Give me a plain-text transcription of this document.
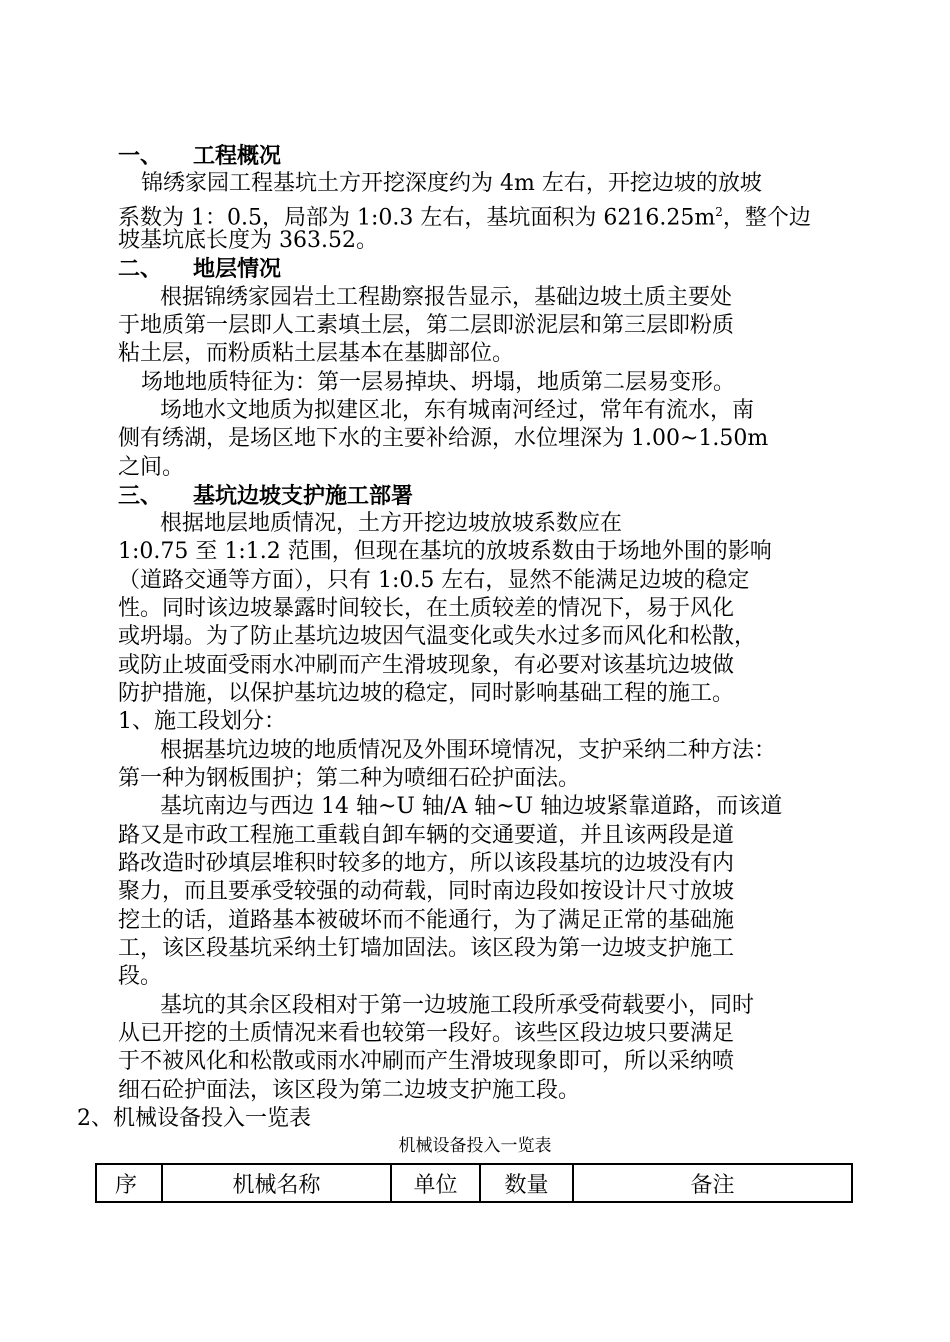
一、 工程概况
锦绣家园工程基坑土方开挖深度约为 4m 左右，开挖边坡的放坡
系数为 1：0.5，局部为 1:0.3 左右，基坑面积为 $6216.25m^2$，整个边
坡基坑底长度为 363.52。
二、 地层情况
根据锦绣家园岩土工程勘察报告显示，基础边坡土质主要处
于地质第一层即人工素填土层，第二层即淤泥层和第三层即粉质
粘土层，而粉质粘土层基本在基脚部位。
场地地质特征为：第一层易掉块、坍塌，地质第二层易变形。
场地水文地质为拟建区北，东有城南河经过，常年有流水，南
侧有绣湖，是场区地下水的主要补给源，水位埋深为 1.00~1.50m
之间。
三、 基坑边坡支护施工部署
根据地层地质情况，土方开挖边坡放坡系数应在
1:0.75 至 1:1.2 范围，但现在基坑的放坡系数由于场地外围的影响
（道路交通等方面），只有 1:0.5 左右，显然不能满足边坡的稳定
性。同时该边坡暴露时间较长，在土质较差的情况下，易于风化
或坍塌。为了防止基坑边坡因气温变化或失水过多而风化和松散，
或防止坡面受雨水冲刷而产生滑坡现象，有必要对该基坑边坡做
防护措施，以保护基坑边坡的稳定，同时影响基础工程的施工。
1、施工段划分：
根据基坑边坡的地质情况及外围环境情况，支护采纳二种方法：
第一种为钢板围护；第二种为喷细石砼护面法。
基坑南边与西边 14 轴~U 轴/A 轴~U 轴边坡紧靠道路，而该道
路又是市政工程施工重载自卸车辆的交通要道，并且该两段是道
路改造时砂填层堆积时较多的地方，所以该段基坑的边坡没有内
聚力，而且要承受较强的动荷载，同时南边段如按设计尺寸放坡
挖土的话，道路基本被破坏而不能通行，为了满足正常的基础施
工，该区段基坑采纳土钉墙加固法。该区段为第一边坡支护施工
段。
基坑的其余区段相对于第一边坡施工段所承受荷载要小，同时
从已开挖的土质情况来看也较第一段好。该些区段边坡只要满足
于不被风化和松散或雨水冲刷而产生滑坡现象即可，所以采纳喷
细石砼护面法，该区段为第二边坡支护施工段。
2、机械设备投入一览表
机械设备投入一览表
序	机械名称	单位	数量	备注
